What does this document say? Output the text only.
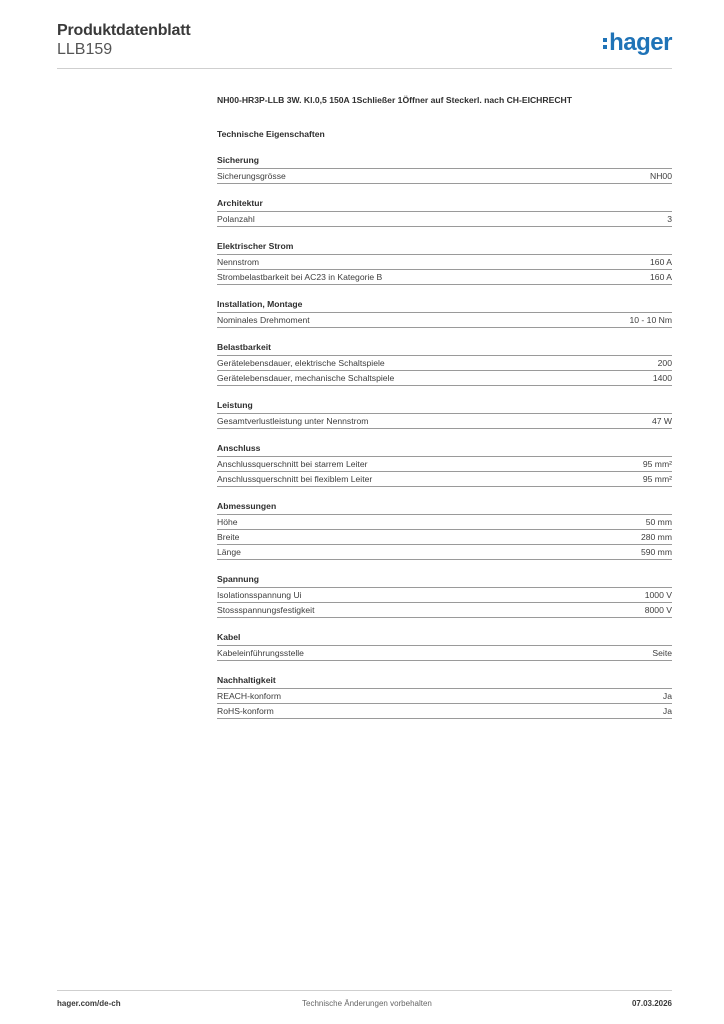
Produktdatenblatt
LLB159	hager
NH00-HR3P-LLB 3W. Kl.0,5 150A 1Schließer 1Öffner auf Steckerl. nach CH-EICHRECHT
Technische Eigenschaften
Sicherung
Sicherungsgrösse	NH00
Architektur
Polanzahl	3
Elektrischer Strom
Nennstrom	160 A
Strombelastbarkeit bei AC23 in Kategorie B	160 A
Installation, Montage
Nominales Drehmoment	10 - 10 Nm
Belastbarkeit
Gerätelebensdauer, elektrische Schaltspiele	200
Gerätelebensdauer, mechanische Schaltspiele	1400
Leistung
Gesamtverlustleistung unter Nennstrom	47 W
Anschluss
Anschlussquerschnitt bei starrem Leiter	95 mm²
Anschlussquerschnitt bei flexiblem Leiter	95 mm²
Abmessungen
Höhe	50 mm
Breite	280 mm
Länge	590 mm
Spannung
Isolationsspannung Ui	1000 V
Stossspannungsfestigkeit	8000 V
Kabel
Kabeleinführungsstelle	Seite
Nachhaltigkeit
REACH-konform	Ja
RoHS-konform	Ja
hager.com/de-ch	Technische Änderungen vorbehalten	07.03.2026
